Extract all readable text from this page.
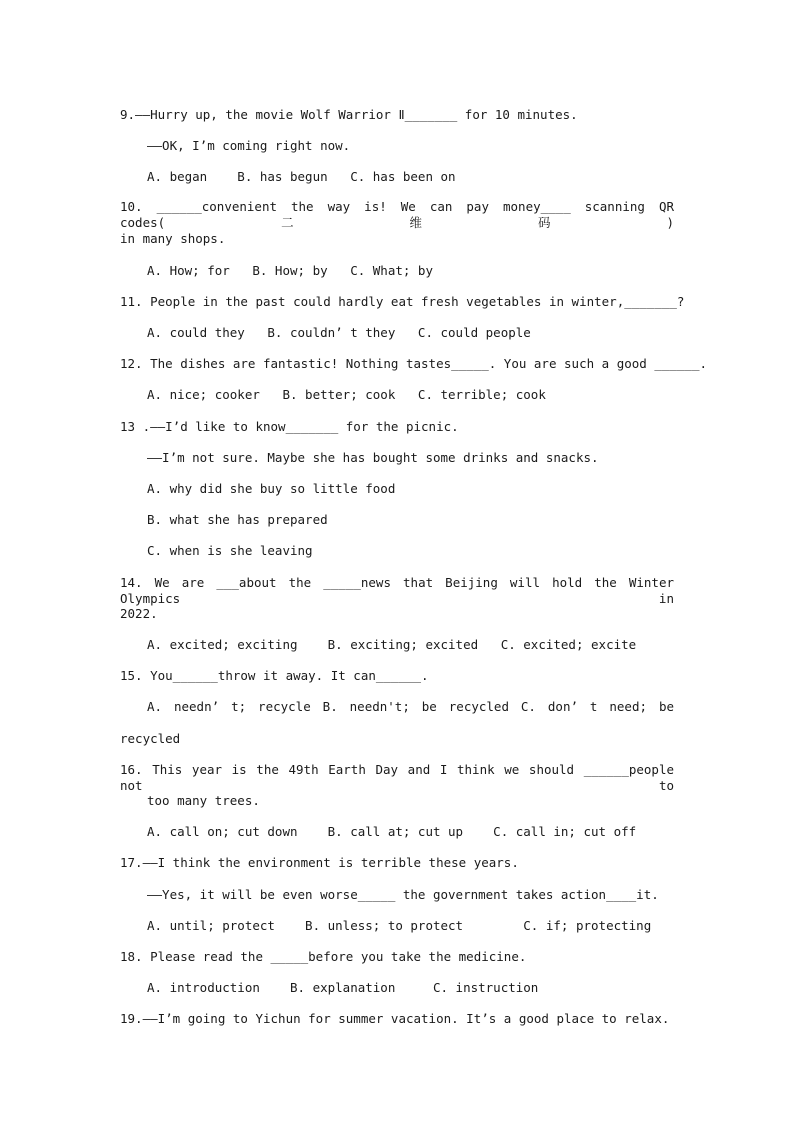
9.——Hurry up, the movie Wolf Warrior Ⅱ_______ for 10 minutes.
——OK, I’m coming right now.
A. began    B. has begun   C. has been on
10. ______convenient the way is! We can pay money____ scanning QR codes(二维码)
in many shops.
A. How; for   B. How; by   C. What; by
11. People in the past could hardly eat fresh vegetables in winter,_______?
A. could they   B. couldn’ t they   C. could people
12. The dishes are fantastic! Nothing tastes_____. You are such a good ______.
A. nice; cooker   B. better; cook   C. terrible; cook
13 .——I’d like to know_______ for the picnic.
——I’m not sure. Maybe she has bought some drinks and snacks.
A. why did she buy so little food
B. what she has prepared
C. when is she leaving
14. We are ___about the _____news that Beijing will hold the Winter Olympics in
2022.
A. excited; exciting    B. exciting; excited   C. excited; excite
15. You______throw it away. It can______.
A. needn’ t; recycle B. needn't; be recycled C. don’ t need; be
recycled
16. This year is the 49th Earth Day and I think we should ______people not to
too many trees.
A. call on; cut down    B. call at; cut up    C. call in; cut off
17.——I think the environment is terrible these years.
——Yes, it will be even worse_____ the government takes action____it.
A. until; protect    B. unless; to protect        C. if; protecting
18. Please read the _____before you take the medicine.
A. introduction    B. explanation     C. instruction
19.——I’m going to Yichun for summer vacation. It’s a good place to relax.
